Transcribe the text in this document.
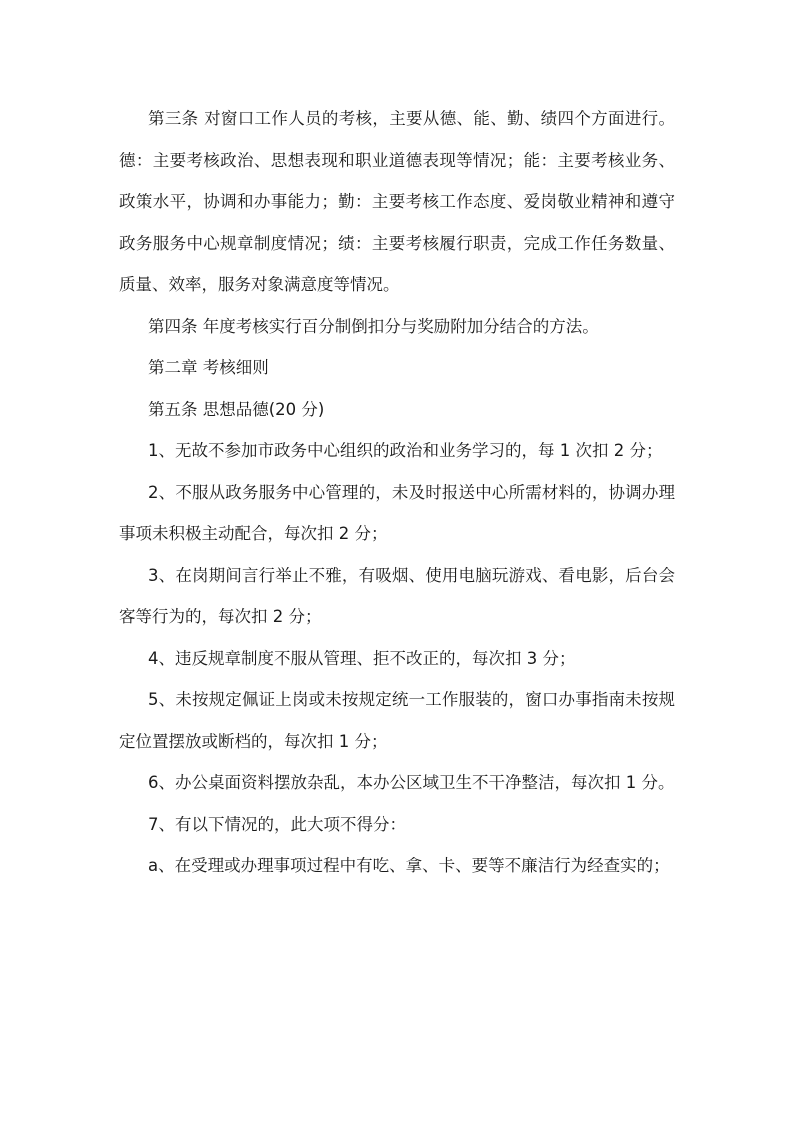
第三条 对窗口工作人员的考核，主要从德、能、勤、绩四个方面进行。德：主要考核政治、思想表现和职业道德表现等情况；能：主要考核业务、政策水平，协调和办事能力；勤：主要考核工作态度、爱岗敬业精神和遵守政务服务中心规章制度情况；绩：主要考核履行职责，完成工作任务数量、质量、效率，服务对象满意度等情况。

第四条 年度考核实行百分制倒扣分与奖励附加分结合的方法。

第二章 考核细则

第五条 思想品德(20 分)

1、无故不参加市政务中心组织的政治和业务学习的，每 1 次扣 2 分；

2、不服从政务服务中心管理的，未及时报送中心所需材料的，协调办理事项未积极主动配合，每次扣 2 分；

3、在岗期间言行举止不雅，有吸烟、使用电脑玩游戏、看电影，后台会客等行为的，每次扣 2 分；

4、违反规章制度不服从管理、拒不改正的，每次扣 3 分；

5、未按规定佩证上岗或未按规定统一工作服装的，窗口办事指南未按规定位置摆放或断档的，每次扣 1 分；

6、办公桌面资料摆放杂乱，本办公区域卫生不干净整洁，每次扣 1 分。

7、有以下情况的，此大项不得分：

a、在受理或办理事项过程中有吃、拿、卡、要等不廉洁行为经查实的；
